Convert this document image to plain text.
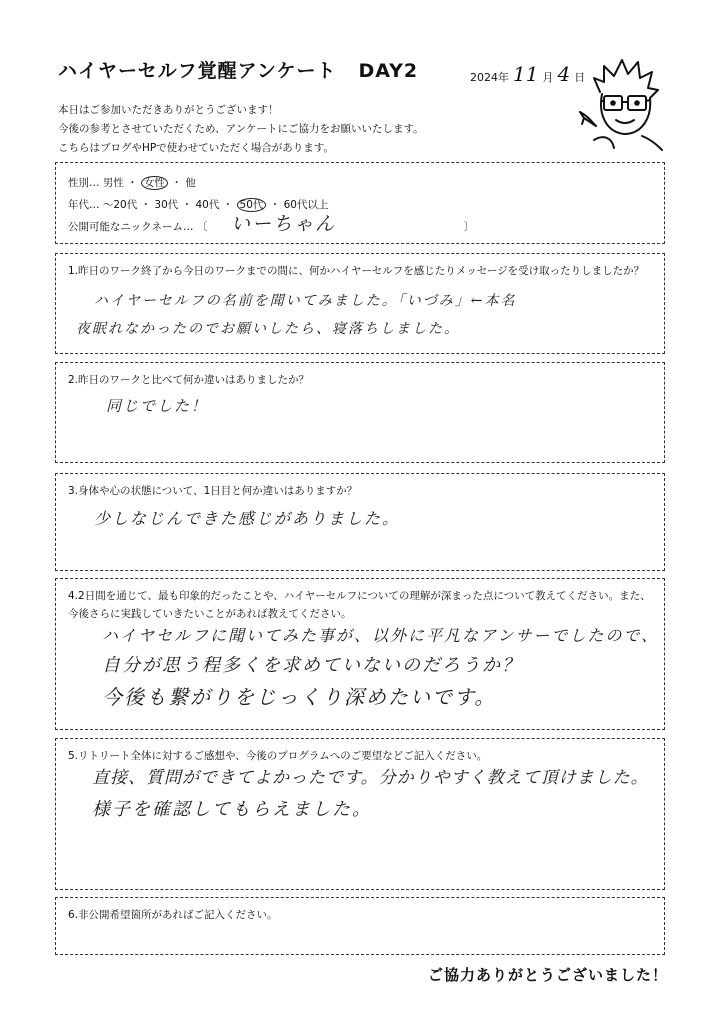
ハイヤーセルフ覚醒アンケート DAY2	2024年 11 月 4 日
本日はご参加いただきありがとうございます！
今後の参考とさせていただくため、アンケートにご協力をお願いいたします。
こちらはブログやHPで使わせていただく場合があります。
性別… 男性 ・ 女性 ・ 他
年代… 〜20代 ・ 30代 ・ 40代 ・ 50代 ・ 60代以上
公開可能なニックネーム… 〔 いーちゃん	〕
1.昨日のワーク終了から今日のワークまでの間に、何かハイヤーセルフを感じたりメッセージを受け取ったりしましたか？
ハイヤーセルフの名前を聞いてみました。「いづみ」←本名
夜眠れなかったのでお願いしたら、寝落ちしました。
2.昨日のワークと比べて何か違いはありましたか？
同じでした！
3.身体や心の状態について、1日目と何か違いはありますか？
少しなじんできた感じがありました。
4.2日間を通じて、最も印象的だったことや、ハイヤーセルフについての理解が深まった点について教えてください。また、今後さらに実践していきたいことがあれば教えてください。
ハイヤセルフに聞いてみた事が、以外に平凡なアンサーでしたので、
自分が思う程多くを求めていないのだろうか？
今後も繋がりをじっくり深めたいです。
5.リトリート全体に対するご感想や、今後のプログラムへのご要望などご記入ください。
直接、質問ができてよかったです。分かりやすく教えて頂けました。
様子を確認してもらえました。
6.非公開希望箇所があればご記入ください。
ご協力ありがとうございました！
